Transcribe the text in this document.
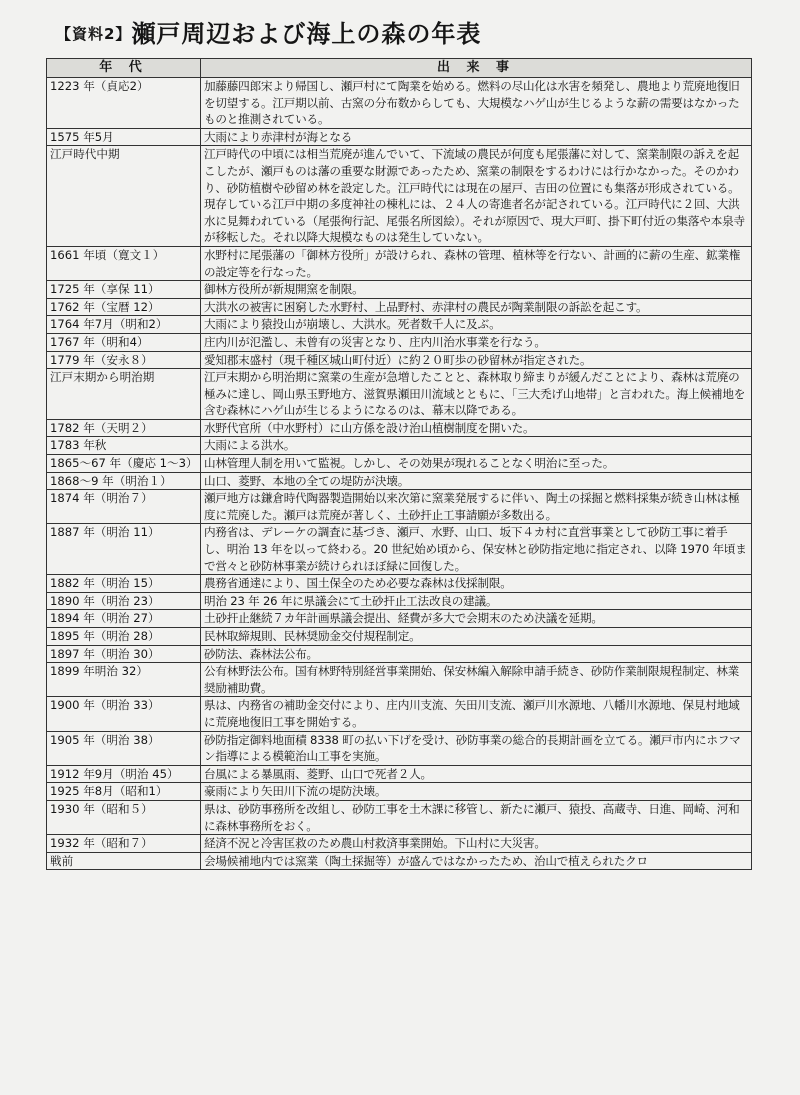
【資料2】瀬戸周辺および海上の森の年表
年 代	出 来 事
1223 年（貞応2）	加藤藤四郎宋より帰国し、瀬戸村にて陶業を始める。燃料の尽山化は水害を頻発し、農地より荒廃地復旧を切望する。江戸期以前、古窯の分布数からしても、大規模なハゲ山が生じるような薪の需要はなかったものと推測されている。
1575 年5月	大雨により赤津村が海となる
江戸時代中期	江戸時代の中頃には相当荒廃が進んでいて、下流域の農民が何度も尾張藩に対して、窯業制限の訴えを起こしたが、瀬戸ものは藩の重要な財源であったため、窯業の制限をするわけには行かなかった。そのかわり、砂防植樹や砂留め林を設定した。江戸時代には現在の屋戸、吉田の位置にも集落が形成されている。現存している江戸中期の多度神社の棟札には、２４人の寄進者名が記されている。江戸時代に２回、大洪水に見舞われている（尾張徇行記、尾張名所図絵）。それが原因で、現大戸町、掛下町付近の集落や本泉寺が移転した。それ以降大規模なものは発生していない。
1661 年頃（寛文１）	水野村に尾張藩の「御林方役所」が設けられ、森林の管理、植林等を行ない、計画的に薪の生産、鉱業権の設定等を行なった。
1725 年（享保 11）	御林方役所が新規開窯を制限。
1762 年（宝暦 12）	大洪水の被害に困窮した水野村、上品野村、赤津村の農民が陶業制限の訴訟を起こす。
1764 年7月（明和2）	大雨により猿投山が崩壊し、大洪水。死者数千人に及ぶ。
1767 年（明和4）	庄内川が氾濫し、未曾有の災害となり、庄内川治水事業を行なう。
1779 年（安永８）	愛知郡末盛村（現千種区城山町付近）に約２０町歩の砂留林が指定された。
江戸末期から明治期	江戸末期から明治期に窯業の生産が急増したことと、森林取り締まりが緩んだことにより、森林は荒廃の極みに達し、岡山県玉野地方、滋賀県瀬田川流域とともに、「三大禿げ山地帯」と言われた。海上候補地を含む森林にハゲ山が生じるようになるのは、幕末以降である。
1782 年（天明２）	水野代官所（中水野村）に山方係を設け治山植樹制度を開いた。
1783 年秋	大雨による洪水。
1865～67 年（慶応 1～3）	山林管理人制を用いて監視。しかし、その効果が現れることなく明治に至った。
1868～9 年（明治１）	山口、菱野、本地の全ての堤防が決壊。
1874 年（明治７）	瀬戸地方は鎌倉時代陶器製造開始以来次第に窯業発展するに伴い、陶土の採掘と燃料採集が続き山林は極度に荒廃した。瀬戸は荒廃が著しく、土砂扞止工事請願が多数出る。
1887 年（明治 11）	内務省は、デレーケの調査に基づき、瀬戸、水野、山口、坂下４カ村に直営事業として砂防工事に着手し、明治 13 年を以って終わる。20 世紀始め頃から、保安林と砂防指定地に指定され、以降 1970 年頃まで営々と砂防林事業が続けられほぼ緑に回復した。
1882 年（明治 15）	農務省通達により、国土保全のため必要な森林は伐採制限。
1890 年（明治 23）	明治 23 年 26 年に県議会にて土砂扞止工法改良の建議。
1894 年（明治 27）	土砂扞止継続７カ年計画県議会提出、経費が多大で会期末のため決議を延期。
1895 年（明治 28）	民林取締規則、民林奨励金交付規程制定。
1897 年（明治 30）	砂防法、森林法公布。
1899 年明治 32）	公有林野法公布。国有林野特別経営事業開始、保安林編入解除申請手続き、砂防作業制限規程制定、林業奨励補助費。
1900 年（明治 33）	県は、内務省の補助金交付により、庄内川支流、矢田川支流、瀬戸川水源地、八幡川水源地、保見村地域に荒廃地復旧工事を開始する。
1905 年（明治 38）	砂防指定御料地面積 8338 町の払い下げを受け、砂防事業の総合的長期計画を立てる。瀬戸市内にホフマン指導による模範治山工事を実施。
1912 年9月（明治 45）	台風による暴風雨、菱野、山口で死者２人。
1925 年8月（昭和1）	豪雨により矢田川下流の堤防決壊。
1930 年（昭和５）	県は、砂防事務所を改組し、砂防工事を土木課に移管し、新たに瀬戸、猿投、高蔵寺、日進、岡崎、河和に森林事務所をおく。
1932 年（昭和７）	経済不況と冷害匡救のため農山村救済事業開始。下山村に大災害。
戦前	会場候補地内では窯業（陶土採掘等）が盛んではなかったため、治山で植えられたクロ
